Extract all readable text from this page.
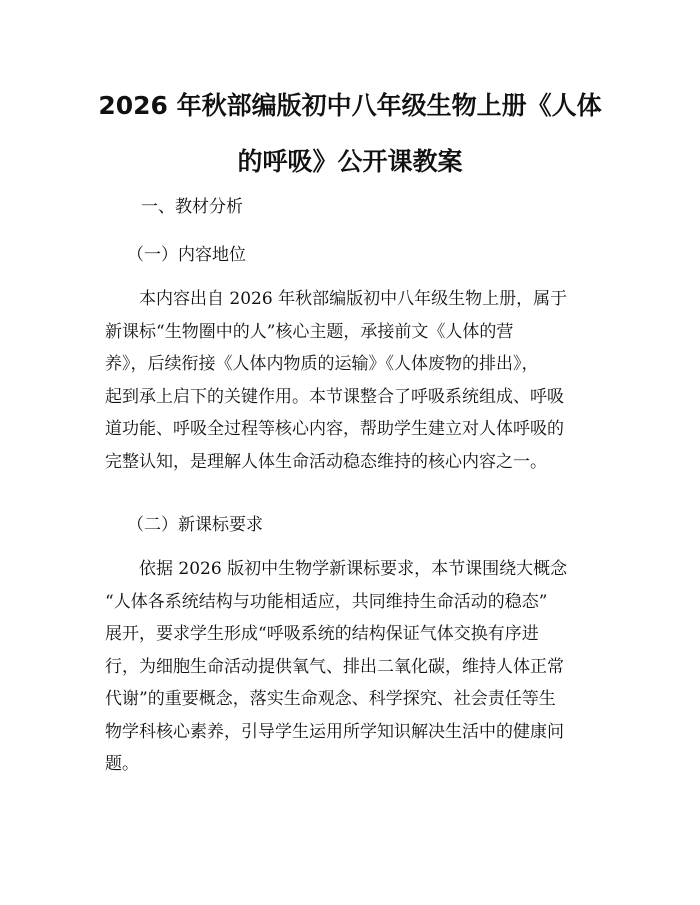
2026 年秋部编版初中八年级生物上册《人体
的呼吸》公开课教案

一、教材分析

（一）内容地位

本内容出自 2026 年秋部编版初中八年级生物上册，属于
新课标“生物圈中的人”核心主题，承接前文《人体的营
养》，后续衔接《人体内物质的运输》《人体废物的排出》，
起到承上启下的关键作用。本节课整合了呼吸系统组成、呼吸
道功能、呼吸全过程等核心内容，帮助学生建立对人体呼吸的
完整认知，是理解人体生命活动稳态维持的核心内容之一。

（二）新课标要求

依据 2026 版初中生物学新课标要求，本节课围绕大概念
“人体各系统结构与功能相适应，共同维持生命活动的稳态”
展开，要求学生形成“呼吸系统的结构保证气体交换有序进
行，为细胞生命活动提供氧气、排出二氧化碳，维持人体正常
代谢”的重要概念，落实生命观念、科学探究、社会责任等生
物学科核心素养，引导学生运用所学知识解决生活中的健康问
题。
